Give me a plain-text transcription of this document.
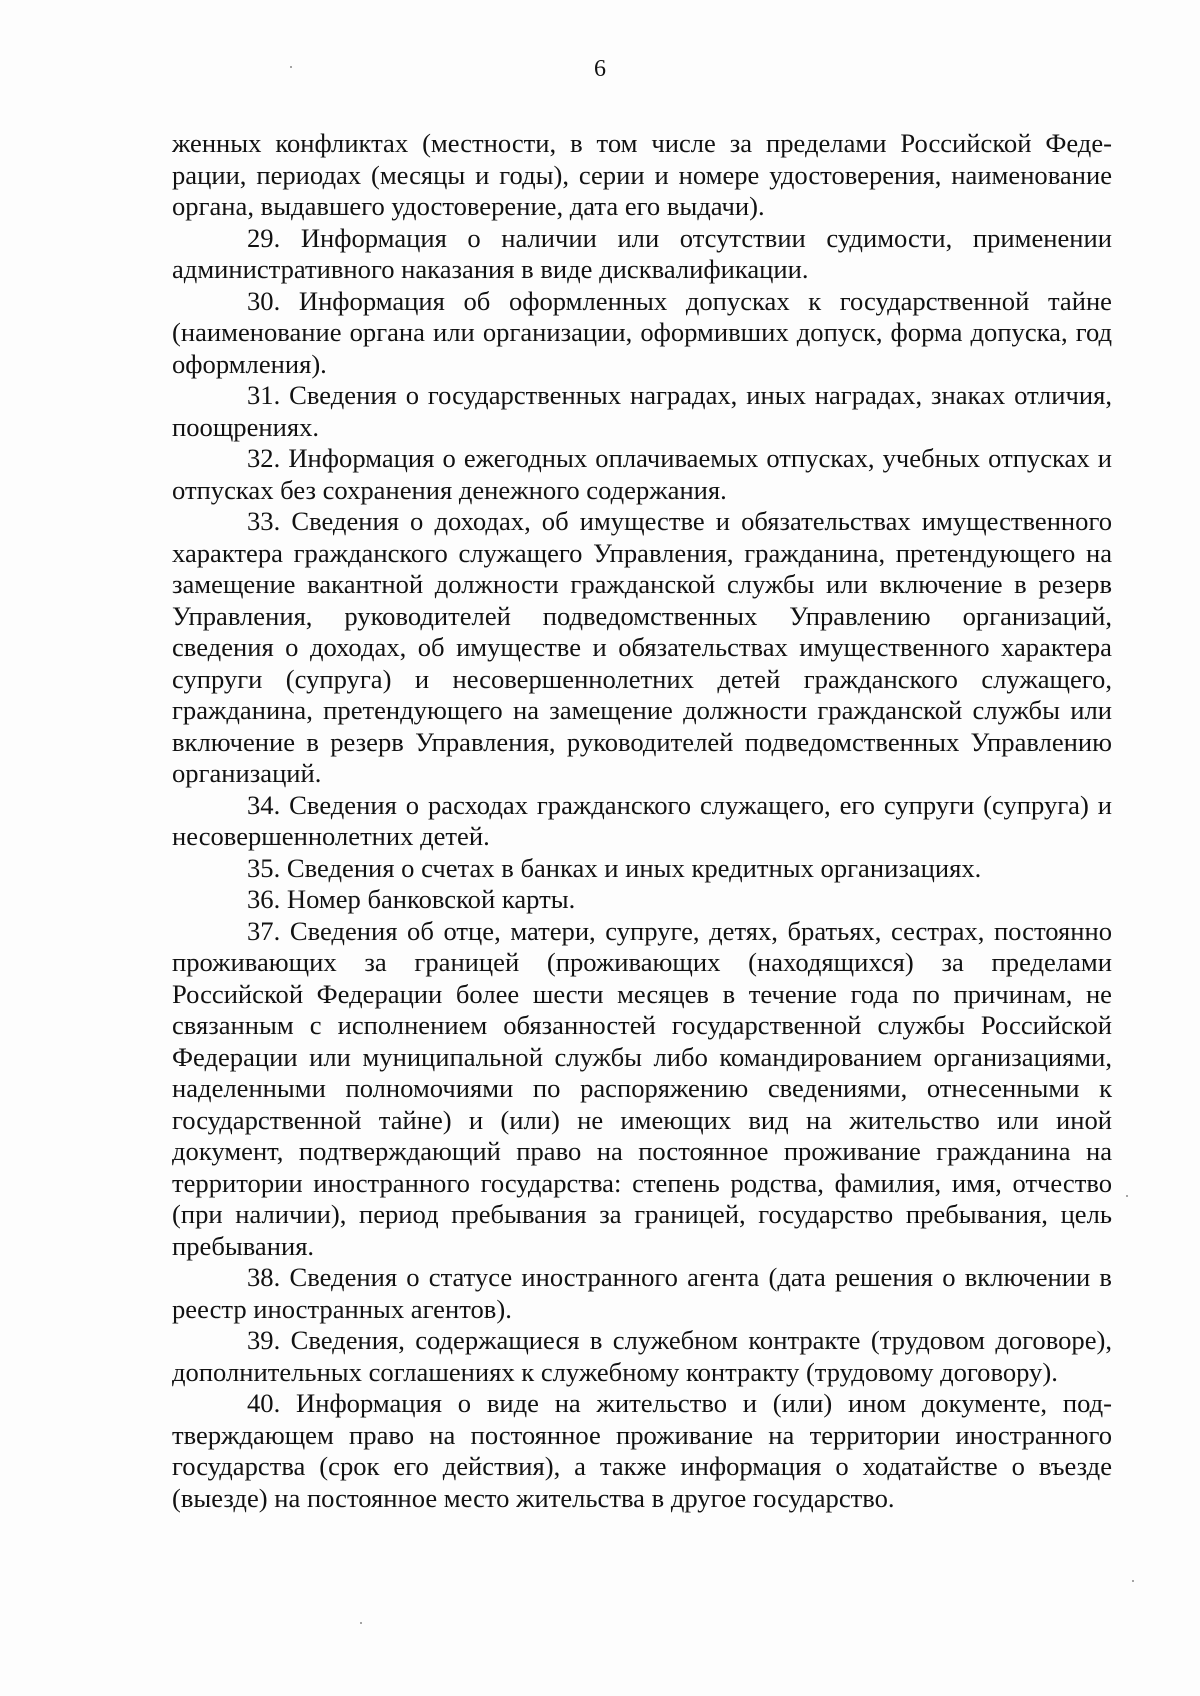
6

женных конфликтах (местности, в том числе за пределами Российской Федерации, периодах (месяцы и годы), серии и номере удостоверения, наименование органа, выдавшего удостоверение, дата его выдачи).

29. Информация о наличии или отсутствии судимости, применении административного наказания в виде дисквалификации.

30. Информация об оформленных допусках к государственной тайне (наименование органа или организации, оформивших допуск, форма допуска, год оформления).

31. Сведения о государственных наградах, иных наградах, знаках отличия, поощрениях.

32. Информация о ежегодных оплачиваемых отпусках, учебных отпусках и отпусках без сохранения денежного содержания.

33. Сведения о доходах, об имуществе и обязательствах имущественного характера гражданского служащего Управления, гражданина, претендующего на замещение вакантной должности гражданской службы или включение в резерв Управления, руководителей подведомственных Управлению организаций, сведения о доходах, об имуществе и обязательствах имущественного характера супруги (супруга) и несовершеннолетних детей гражданского служащего, гражданина, претендующего на замещение должности гражданской службы или включение в резерв Управления, руководителей подведомственных Управлению организаций.

34. Сведения о расходах гражданского служащего, его супруги (супруга) и несовершеннолетних детей.

35. Сведения о счетах в банках и иных кредитных организациях.

36. Номер банковской карты.

37. Сведения об отце, матери, супруге, детях, братьях, сестрах, постоянно проживающих за границей (проживающих (находящихся) за пределами Российской Федерации более шести месяцев в течение года по причинам, не связанным с исполнением обязанностей государственной службы Российской Федерации или муниципальной службы либо командированием организациями, наделенными полномочиями по распоряжению сведениями, отнесенными к государственной тайне) и (или) не имеющих вид на жительство или иной документ, подтверждающий право на постоянное проживание гражданина на территории иностранного государства: степень родства, фамилия, имя, отчество (при наличии), период пребывания за границей, государство пребывания, цель пребывания.

38. Сведения о статусе иностранного агента (дата решения о включении в реестр иностранных агентов).

39. Сведения, содержащиеся в служебном контракте (трудовом договоре), дополнительных соглашениях к служебному контракту (трудовому договору).

40. Информация о виде на жительство и (или) ином документе, подтверждающем право на постоянное проживание на территории иностранного государства (срок его действия), а также информация о ходатайстве о въезде (выезде) на постоянное место жительства в другое государство.
